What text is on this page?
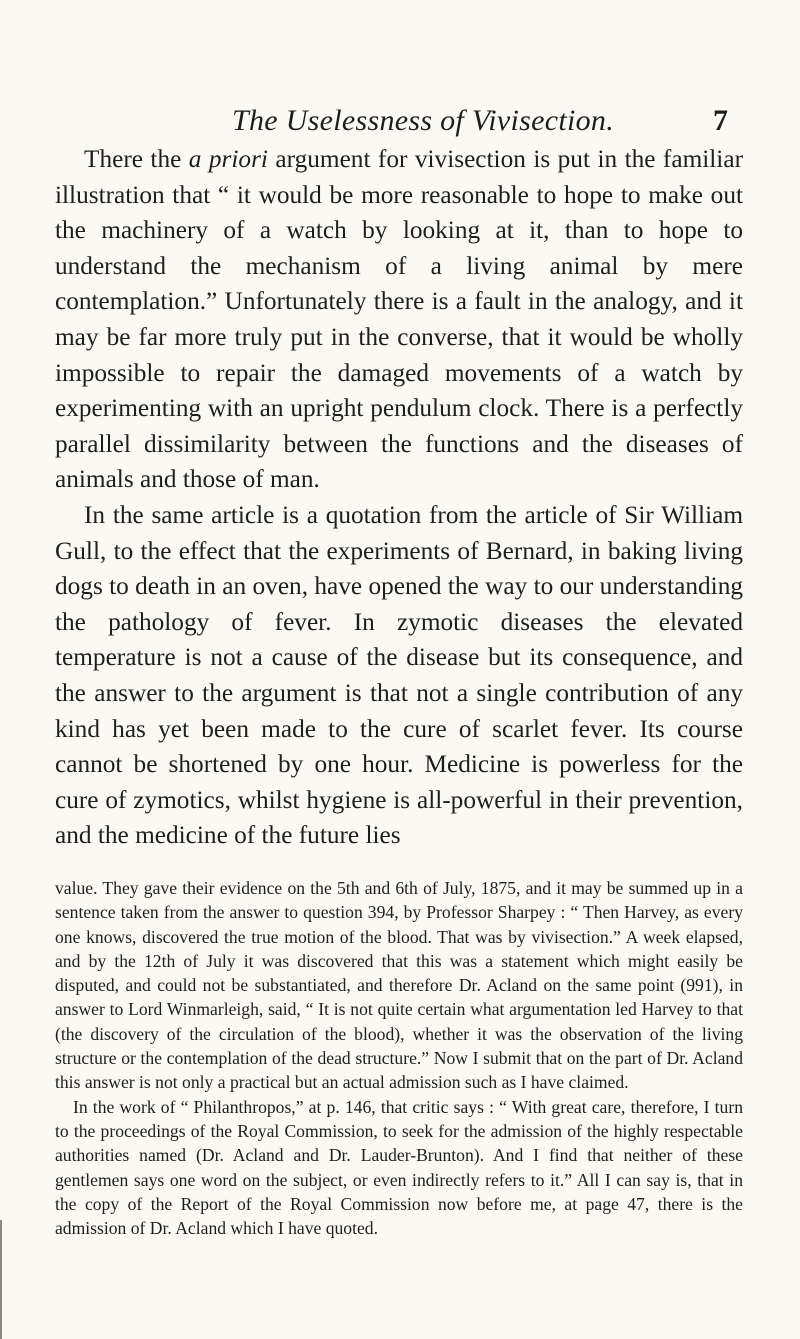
The Uselessness of Vivisection.	7

There the a priori argument for vivisection is put in the familiar illustration that “ it would be more reasonable to hope to make out the machinery of a watch by looking at it, than to hope to understand the mechanism of a living animal by mere contemplation.” Unfortunately there is a fault in the analogy, and it may be far more truly put in the converse, that it would be wholly impossible to repair the damaged movements of a watch by experimenting with an upright pendulum clock. There is a perfectly parallel dissimilarity between the functions and the diseases of animals and those of man.

In the same article is a quotation from the article of Sir William Gull, to the effect that the experiments of Bernard, in baking living dogs to death in an oven, have opened the way to our understanding the pathology of fever. In zymotic diseases the elevated temperature is not a cause of the disease but its consequence, and the answer to the argument is that not a single contribution of any kind has yet been made to the cure of scarlet fever. Its course cannot be shortened by one hour. Medicine is powerless for the cure of zymotics, whilst hygiene is all-powerful in their prevention, and the medicine of the future lies

value. They gave their evidence on the 5th and 6th of July, 1875, and it may be summed up in a sentence taken from the answer to question 394, by Professor Sharpey : “ Then Harvey, as every one knows, discovered the true motion of the blood. That was by vivisection.” A week elapsed, and by the 12th of July it was discovered that this was a statement which might easily be disputed, and could not be substantiated, and therefore Dr. Acland on the same point (991), in answer to Lord Winmarleigh, said, “ It is not quite certain what argumentation led Harvey to that (the discovery of the circulation of the blood), whether it was the observation of the living structure or the contemplation of the dead structure.” Now I submit that on the part of Dr. Acland this answer is not only a practical but an actual admission such as I have claimed.

In the work of “ Philanthropos,” at p. 146, that critic says : “ With great care, therefore, I turn to the proceedings of the Royal Commission, to seek for the admission of the highly respectable authorities named (Dr. Acland and Dr. Lauder-Brunton). And I find that neither of these gentlemen says one word on the subject, or even indirectly refers to it.” All I can say is, that in the copy of the Report of the Royal Commission now before me, at page 47, there is the admission of Dr. Acland which I have quoted.
